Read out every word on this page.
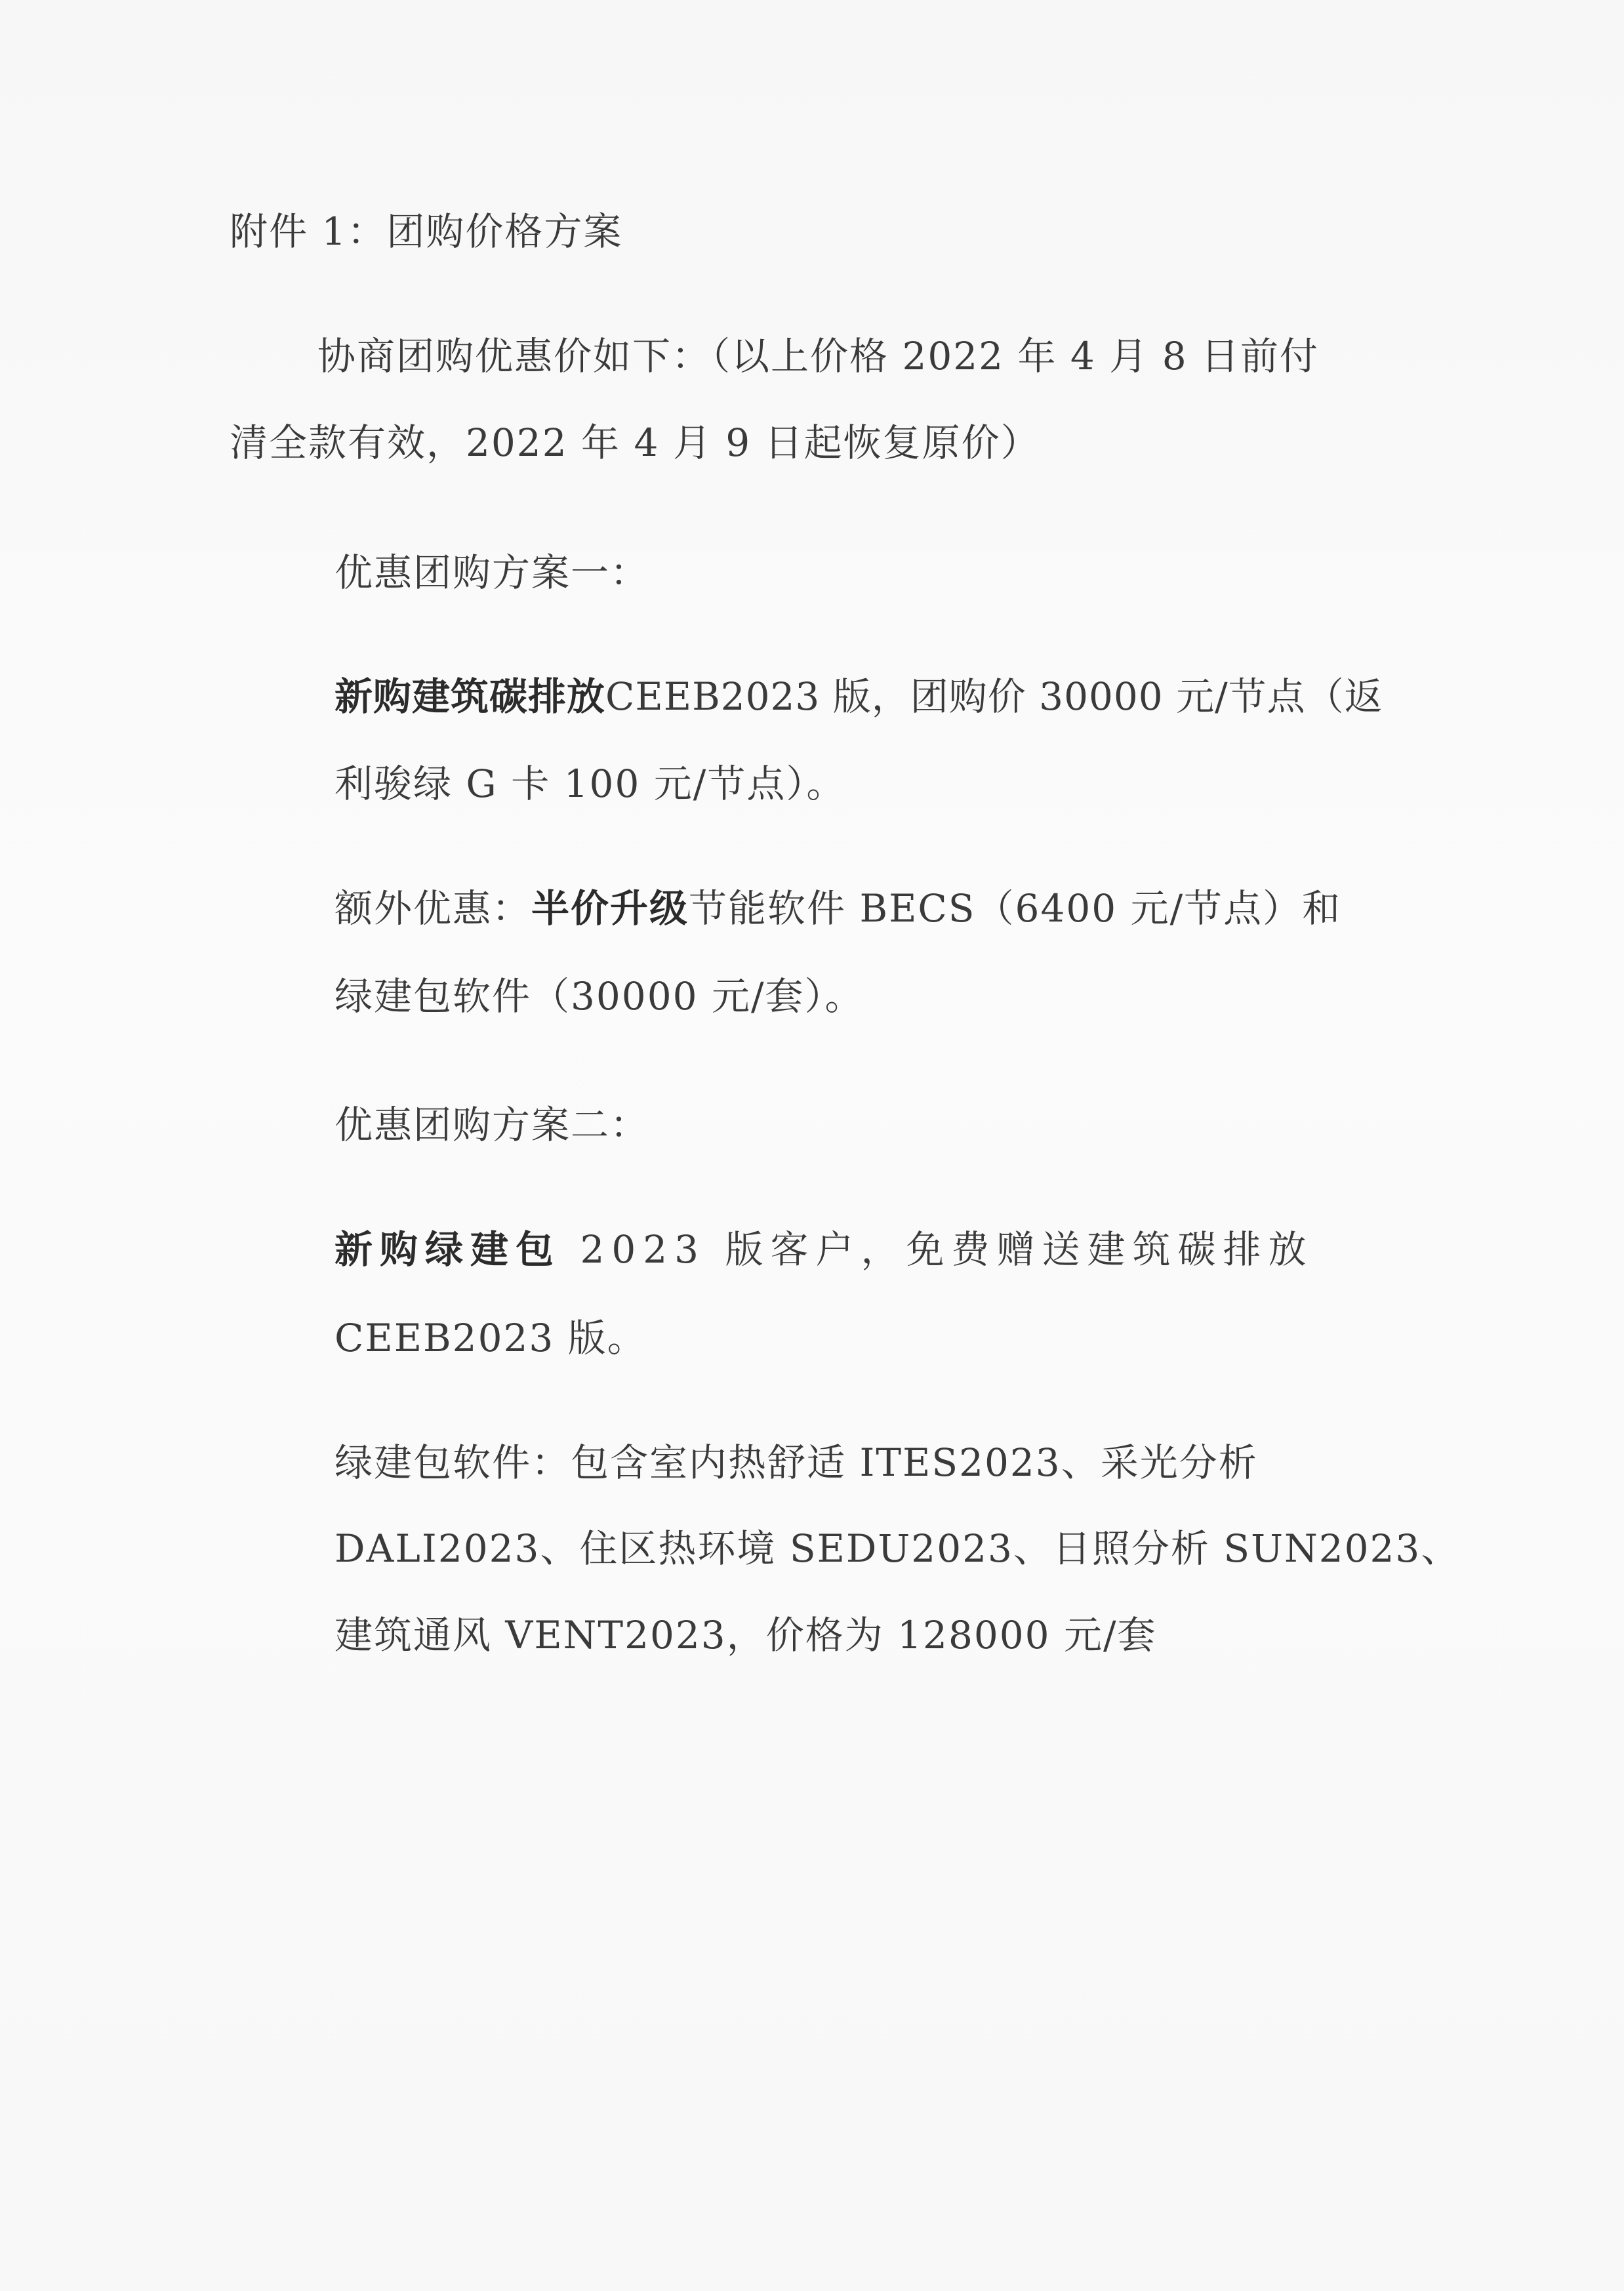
附件 1：团购价格方案
协商团购优惠价如下：（以上价格 2022 年 4 月 8 日前付
清全款有效，2022 年 4 月 9 日起恢复原价）
优惠团购方案一：
新购建筑碳排放CEEB2023 版，团购价 30000 元/节点（返
利骏绿 G 卡 100 元/节点）。
额外优惠：半价升级节能软件 BECS（6400 元/节点）和
绿建包软件（30000 元/套）。
优惠团购方案二：
新购绿建包 2023 版客户，免费赠送建筑碳排放
CEEB2023 版。
绿建包软件：包含室内热舒适 ITES2023、采光分析
DALI2023、住区热环境 SEDU2023、日照分析 SUN2023、
建筑通风 VENT2023，价格为 128000 元/套
